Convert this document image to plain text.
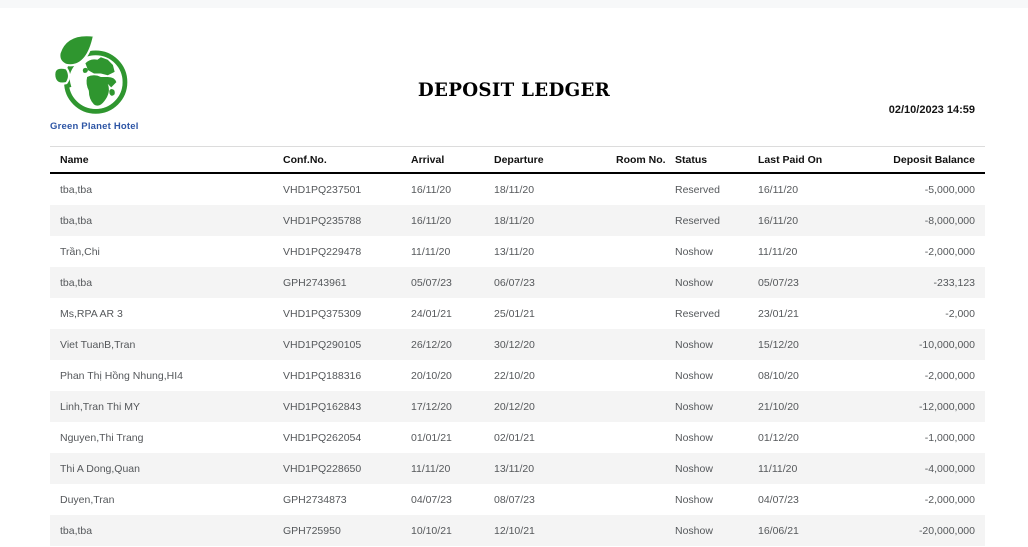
Green Planet Hotel
DEPOSIT LEDGER
02/10/2023 14:59
Name	Conf.No.	Arrival	Departure	Room No.	Status	Last Paid On	Deposit Balance
tba,tba	VHD1PQ237501	16/11/20	18/11/20		Reserved	16/11/20	-5,000,000
tba,tba	VHD1PQ235788	16/11/20	18/11/20		Reserved	16/11/20	-8,000,000
Trần,Chi	VHD1PQ229478	11/11/20	13/11/20		Noshow	11/11/20	-2,000,000
tba,tba	GPH2743961	05/07/23	06/07/23		Noshow	05/07/23	-233,123
Ms,RPA AR 3	VHD1PQ375309	24/01/21	25/01/21		Reserved	23/01/21	-2,000
Viet TuanB,Tran	VHD1PQ290105	26/12/20	30/12/20		Noshow	15/12/20	-10,000,000
Phan Thị Hồng Nhung,HI4	VHD1PQ188316	20/10/20	22/10/20		Noshow	08/10/20	-2,000,000
Linh,Tran Thi MY	VHD1PQ162843	17/12/20	20/12/20		Noshow	21/10/20	-12,000,000
Nguyen,Thi Trang	VHD1PQ262054	01/01/21	02/01/21		Noshow	01/12/20	-1,000,000
Thi A Dong,Quan	VHD1PQ228650	11/11/20	13/11/20		Noshow	11/11/20	-4,000,000
Duyen,Tran	GPH2734873	04/07/23	08/07/23		Noshow	04/07/23	-2,000,000
tba,tba	GPH725950	10/10/21	12/10/21		Noshow	16/06/21	-20,000,000
